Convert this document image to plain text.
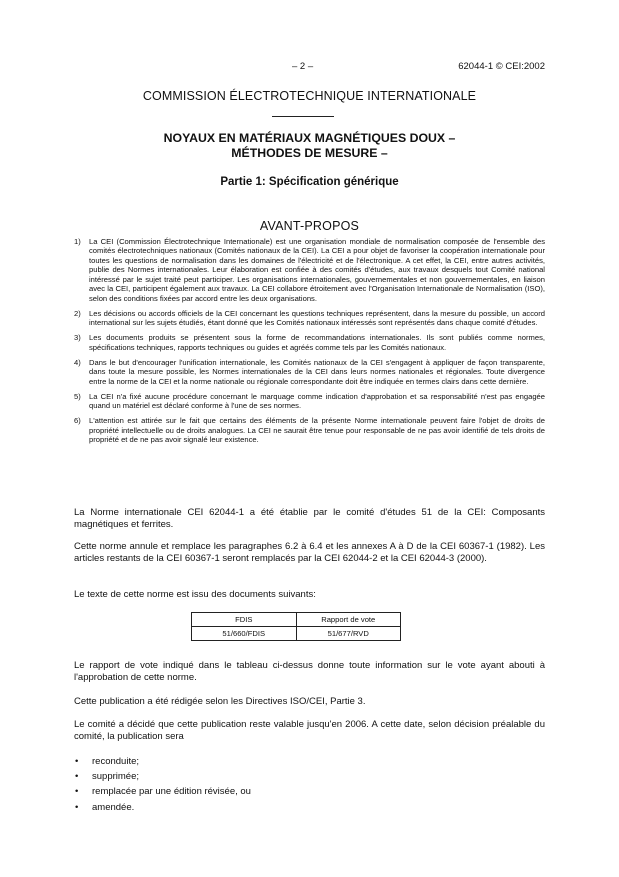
– 2 –	62044-1 © CEI:2002
COMMISSION ÉLECTROTECHNIQUE INTERNATIONALE
NOYAUX EN MATÉRIAUX MAGNÉTIQUES DOUX –
MÉTHODES DE MESURE –
Partie 1: Spécification générique
AVANT-PROPOS
1) La CEI (Commission Électrotechnique Internationale) est une organisation mondiale de normalisation composée de l'ensemble des comités électrotechniques nationaux (Comités nationaux de la CEI). La CEI a pour objet de favoriser la coopération internationale pour toutes les questions de normalisation dans les domaines de l'électricité et de l'électronique. A cet effet, la CEI, entre autres activités, publie des Normes internationales. Leur élaboration est confiée à des comités d'études, aux travaux desquels tout Comité national intéressé par le sujet traité peut participer. Les organisations internationales, gouvernementales et non gouvernementales, en liaison avec la CEI, participent également aux travaux. La CEI collabore étroitement avec l'Organisation Internationale de Normalisation (ISO), selon des conditions fixées par accord entre les deux organisations.
2) Les décisions ou accords officiels de la CEI concernant les questions techniques représentent, dans la mesure du possible, un accord international sur les sujets étudiés, étant donné que les Comités nationaux intéressés sont représentés dans chaque comité d'études.
3) Les documents produits se présentent sous la forme de recommandations internationales. Ils sont publiés comme normes, spécifications techniques, rapports techniques ou guides et agréés comme tels par les Comités nationaux.
4) Dans le but d'encourager l'unification internationale, les Comités nationaux de la CEI s'engagent à appliquer de façon transparente, dans toute la mesure possible, les Normes internationales de la CEI dans leurs normes nationales et régionales. Toute divergence entre la norme de la CEI et la norme nationale ou régionale correspondante doit être indiquée en termes clairs dans cette dernière.
5) La CEI n'a fixé aucune procédure concernant le marquage comme indication d'approbation et sa responsabilité n'est pas engagée quand un matériel est déclaré conforme à l'une de ses normes.
6) L'attention est attirée sur le fait que certains des éléments de la présente Norme internationale peuvent faire l'objet de droits de propriété intellectuelle ou de droits analogues. La CEI ne saurait être tenue pour responsable de ne pas avoir identifié de tels droits de propriété et de ne pas avoir signalé leur existence.

La Norme internationale CEI 62044-1 a été établie par le comité d'études 51 de la CEI: Composants magnétiques et ferrites.

Cette norme annule et remplace les paragraphes 6.2 à 6.4 et les annexes A à D de la CEI 60367-1 (1982). Les articles restants de la CEI 60367-1 seront remplacés par la CEI 62044-2 et la CEI 62044-3 (2000).

Le texte de cette norme est issu des documents suivants:

FDIS	Rapport de vote
51/660/FDIS	51/677/RVD

Le rapport de vote indiqué dans le tableau ci-dessus donne toute information sur le vote ayant abouti à l'approbation de cette norme.

Cette publication a été rédigée selon les Directives ISO/CEI, Partie 3.

Le comité a décidé que cette publication reste valable jusqu'en 2006. A cette date, selon décision préalable du comité, la publication sera

• reconduite;
• supprimée;
• remplacée par une édition révisée, ou
• amendée.
